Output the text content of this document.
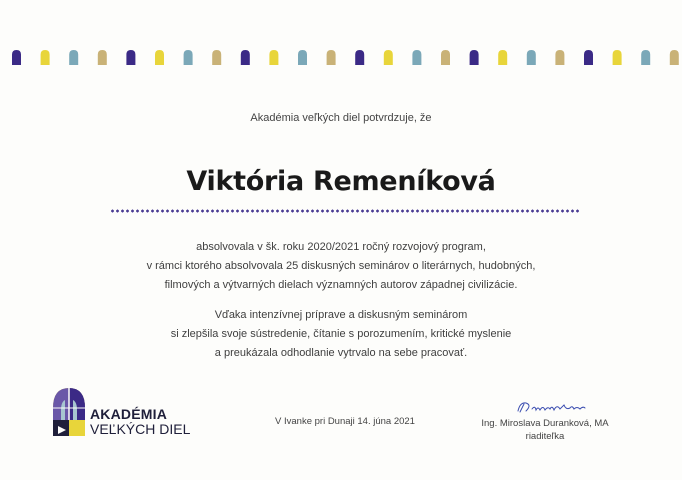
Akadémia veľkých diel potvrdzuje, že
Viktória Remeníková
absolvovala v šk. roku 2020/2021 ročný rozvojový program,
v rámci ktorého absolvovala 25 diskusných seminárov o literárnych, hudobných,
filmových a výtvarných dielach významných autorov západnej civilizácie.
Vďaka intenzívnej príprave a diskusným seminárom
si zlepšila svoje sústredenie, čítanie s porozumením, kritické myslenie
a preukázala odhodlanie vytrvalo na sebe pracovať.
AKADÉMIA
VEĽKÝCH DIEL	V Ivanke pri Dunaji 14. júna 2021	Ing. Miroslava Duranková, MA
riaditeľka
